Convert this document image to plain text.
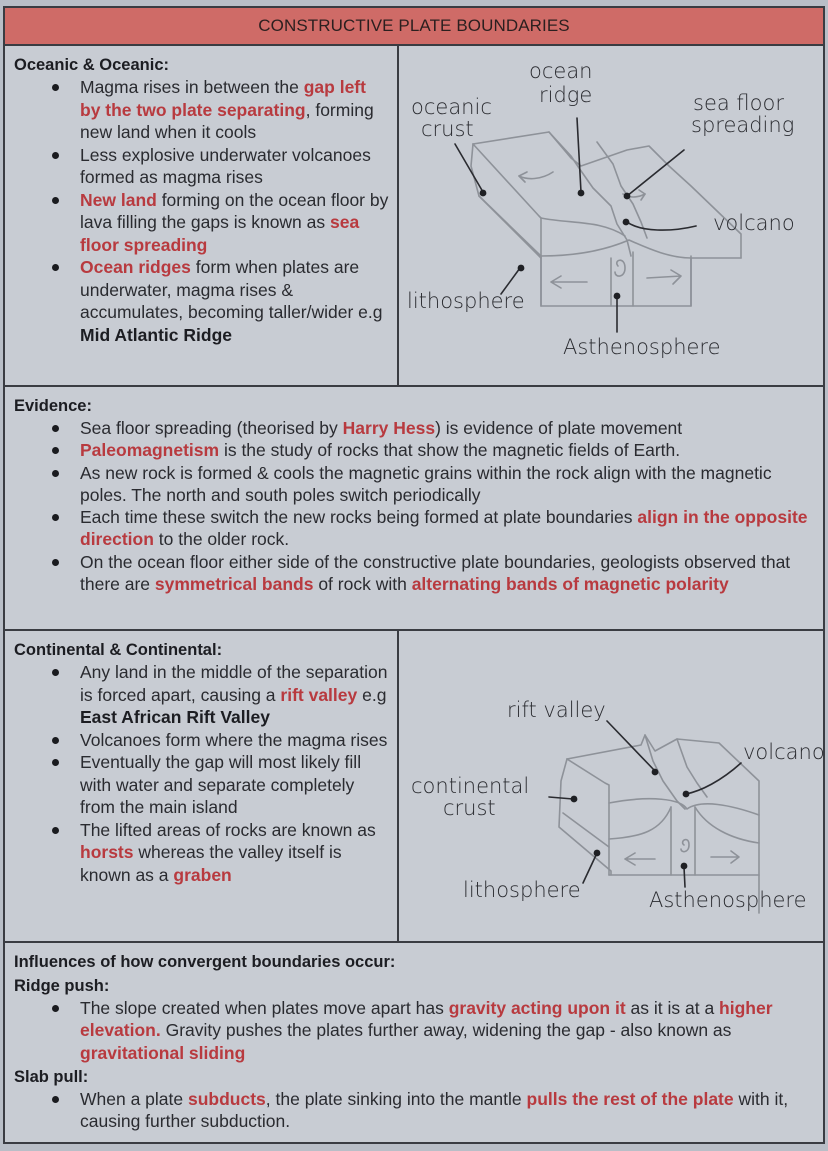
CONSTRUCTIVE PLATE BOUNDARIES
Oceanic & Oceanic:
Magma rises in between the gap left by the two plate separating, forming new land when it cools
Less explosive underwater volcanoes formed as magma rises
New land forming on the ocean floor by lava filling the gaps is known as sea floor spreading
Ocean ridges form when plates are underwater, magma rises & accumulates, becoming taller/wider e.g Mid Atlantic Ridge
oceanic
crust
ocean
ridge	sea floor
spreading
volcano
lithosphere
Asthenosphere
Evidence:
Sea floor spreading (theorised by Harry Hess) is evidence of plate movement
Paleomagnetism is the study of rocks that show the magnetic fields of Earth.
As new rock is formed & cools the magnetic grains within the rock align with the magnetic poles. The north and south poles switch periodically
Each time these switch the new rocks being formed at plate boundaries align in the opposite direction to the older rock.
On the ocean floor either side of the constructive plate boundaries, geologists observed that there are symmetrical bands of rock with alternating bands of magnetic polarity
Continental & Continental:
Any land in the middle of the separation is forced apart, causing a rift valley e.g East African Rift Valley
Volcanoes form where the magma rises
Eventually the gap will most likely fill with water and separate completely from the main island
The lifted areas of rocks are known as horsts whereas the valley itself is known as a graben
rift valley
volcano
continental
crust
lithosphere	Asthenosphere
Influences of how convergent boundaries occur:
Ridge push:
The slope created when plates move apart has gravity acting upon it as it is at a higher elevation. Gravity pushes the plates further away, widening the gap - also known as gravitational sliding
Slab pull:
When a plate subducts, the plate sinking into the mantle pulls the rest of the plate with it, causing further subduction.
